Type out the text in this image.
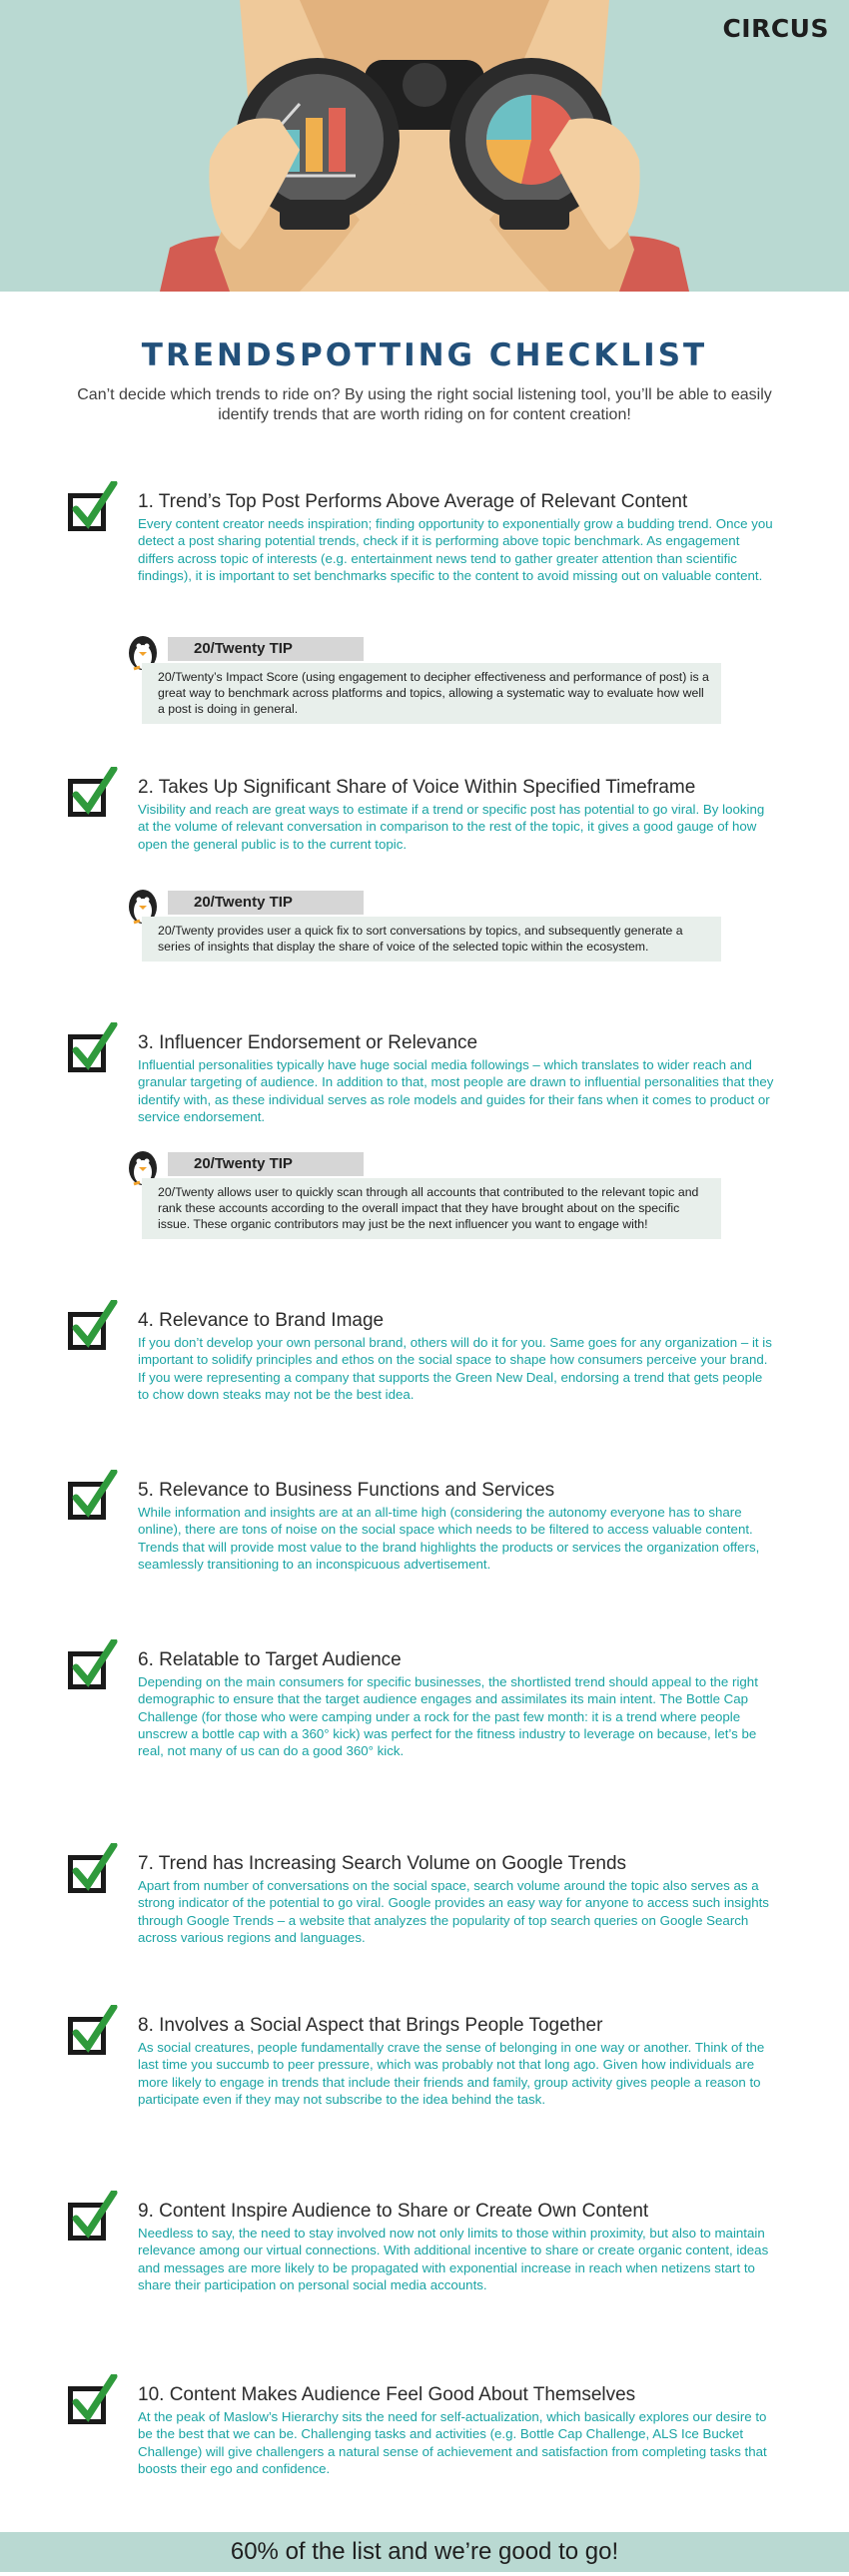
CIRCUS
TRENDSPOTTING CHECKLIST
Can’t decide which trends to ride on? By using the right social listening tool, you’ll be able to easily identify trends that are worth riding on for content creation!
1. Trend’s Top Post Performs Above Average of Relevant Content
Every content creator needs inspiration; finding opportunity to exponentially grow a budding trend. Once you detect a post sharing potential trends, check if it is performing above topic benchmark. As engagement differs across topic of interests (e.g. entertainment news tend to gather greater attention than scientific findings), it is important to set benchmarks specific to the content to avoid missing out on valuable content.
20/Twenty TIP
20/Twenty’s Impact Score (using engagement to decipher effectiveness and performance of post) is a great way to benchmark across platforms and topics, allowing a systematic way to evaluate how well a post is doing in general.
2. Takes Up Significant Share of Voice Within Specified Timeframe
Visibility and reach are great ways to estimate if a trend or specific post has potential to go viral. By looking at the volume of relevant conversation in comparison to the rest of the topic, it gives a good gauge of how open the general public is to the current topic.
20/Twenty TIP
20/Twenty provides user a quick fix to sort conversations by topics, and subsequently generate a series of insights that display the share of voice of the selected topic within the ecosystem.
3. Influencer Endorsement or Relevance
Influential personalities typically have huge social media followings – which translates to wider reach and granular targeting of audience. In addition to that, most people are drawn to influential personalities that they identify with, as these individual serves as role models and guides for their fans when it comes to product or service endorsement.
20/Twenty TIP
20/Twenty allows user to quickly scan through all accounts that contributed to the relevant topic and rank these accounts according to the overall impact that they have brought about on the specific issue. These organic contributors may just be the next influencer you want to engage with!
4. Relevance to Brand Image
If you don’t develop your own personal brand, others will do it for you. Same goes for any organization – it is important to solidify principles and ethos on the social space to shape how consumers perceive your brand. If you were representing a company that supports the Green New Deal, endorsing a trend that gets people to chow down steaks may not be the best idea.
5. Relevance to Business Functions and Services
While information and insights are at an all-time high (considering the autonomy everyone has to share online), there are tons of noise on the social space which needs to be filtered to access valuable content. Trends that will provide most value to the brand highlights the products or services the organization offers, seamlessly transitioning to an inconspicuous advertisement.
6. Relatable to Target Audience
Depending on the main consumers for specific businesses, the shortlisted trend should appeal to the right demographic to ensure that the target audience engages and assimilates its main intent. The Bottle Cap Challenge (for those who were camping under a rock for the past few month: it is a trend where people unscrew a bottle cap with a 360° kick) was perfect for the fitness industry to leverage on because, let’s be real, not many of us can do a good 360° kick.
7. Trend has Increasing Search Volume on Google Trends
Apart from number of conversations on the social space, search volume around the topic also serves as a strong indicator of the potential to go viral. Google provides an easy way for anyone to access such insights through Google Trends – a website that analyzes the popularity of top search queries on Google Search across various regions and languages.
8. Involves a Social Aspect that Brings People Together
As social creatures, people fundamentally crave the sense of belonging in one way or another. Think of the last time you succumb to peer pressure, which was probably not that long ago. Given how individuals are more likely to engage in trends that include their friends and family, group activity gives people a reason to participate even if they may not subscribe to the idea behind the task.
9. Content Inspire Audience to Share or Create Own Content
Needless to say, the need to stay involved now not only limits to those within proximity, but also to maintain relevance among our virtual connections. With additional incentive to share or create organic content, ideas and messages are more likely to be propagated with exponential increase in reach when netizens start to share their participation on personal social media accounts.
10. Content Makes Audience Feel Good About Themselves
At the peak of Maslow’s Hierarchy sits the need for self-actualization, which basically explores our desire to be the best that we can be. Challenging tasks and activities (e.g. Bottle Cap Challenge, ALS Ice Bucket Challenge) will give challengers a natural sense of achievement and satisfaction from completing tasks that boosts their ego and confidence.
60% of the list and we’re good to go!
